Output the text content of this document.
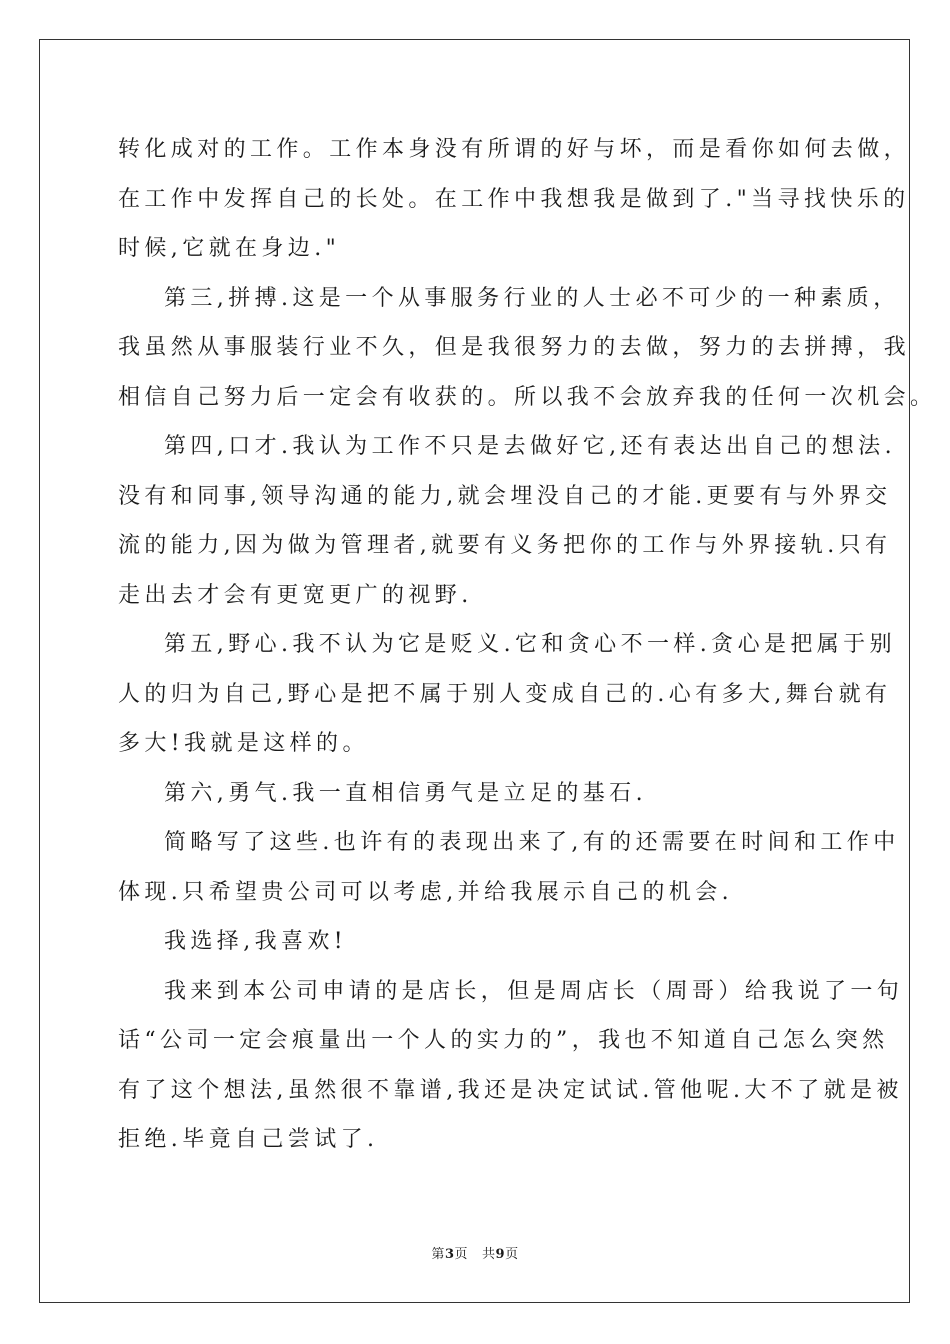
转化成对的工作。工作本身没有所谓的好与坏，而是看你如何去做，
在工作中发挥自己的长处。在工作中我想我是做到了."当寻找快乐的
时候,它就在身边."
第三,拼搏.这是一个从事服务行业的人士必不可少的一种素质，
我虽然从事服装行业不久，但是我很努力的去做，努力的去拼搏，我
相信自己努力后一定会有收获的。所以我不会放弃我的任何一次机会。
第四,口才.我认为工作不只是去做好它,还有表达出自己的想法.
没有和同事,领导沟通的能力,就会埋没自己的才能.更要有与外界交
流的能力,因为做为管理者,就要有义务把你的工作与外界接轨.只有
走出去才会有更宽更广的视野.
第五,野心.我不认为它是贬义.它和贪心不一样.贪心是把属于别
人的归为自己,野心是把不属于别人变成自己的.心有多大,舞台就有
多大!我就是这样的。
第六,勇气.我一直相信勇气是立足的基石.
简略写了这些.也许有的表现出来了,有的还需要在时间和工作中
体现.只希望贵公司可以考虑,并给我展示自己的机会.
我选择,我喜欢!
我来到本公司申请的是店长，但是周店长（周哥）给我说了一句
话“公司一定会痕量出一个人的实力的”，我也不知道自己怎么突然
有了这个想法,虽然很不靠谱,我还是决定试试.管他呢.大不了就是被
拒绝.毕竟自己尝试了.
第3页 共9页
